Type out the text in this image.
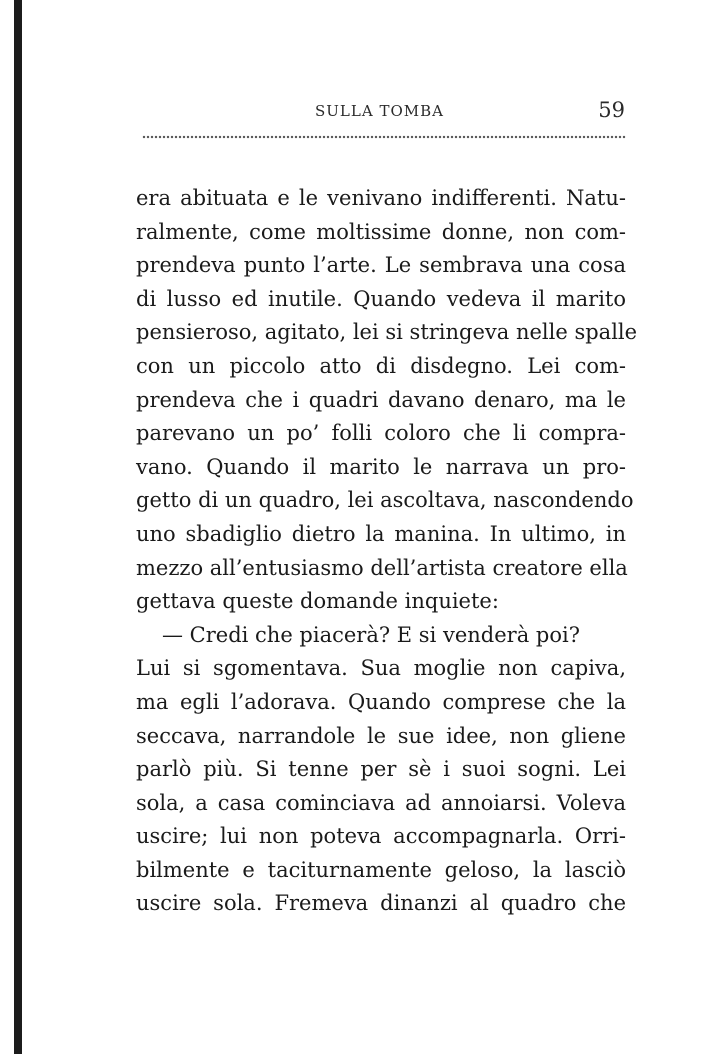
SULLA TOMBA	59
era abituata e le venivano indifferenti. Natu-
ralmente, come moltissime donne, non com-
prendeva punto l’arte. Le sembrava una cosa
di lusso ed inutile. Quando vedeva il marito
pensieroso, agitato, lei si stringeva nelle spalle
con un piccolo atto di disdegno. Lei com-
prendeva che i quadri davano denaro, ma le
parevano un po’ folli coloro che li compra-
vano. Quando il marito le narrava un pro-
getto di un quadro, lei ascoltava, nascondendo
uno sbadiglio dietro la manina. In ultimo, in
mezzo all’entusiasmo dell’artista creatore ella
gettava queste domande inquiete:
— Credi che piacerà? E si venderà poi?
Lui si sgomentava. Sua moglie non capiva,
ma egli l’adorava. Quando comprese che la
seccava, narrandole le sue idee, non gliene
parlò più. Si tenne per sè i suoi sogni. Lei
sola, a casa cominciava ad annoiarsi. Voleva
uscire; lui non poteva accompagnarla. Orri-
bilmente e taciturnamente geloso, la lasciò
uscire sola. Fremeva dinanzi al quadro che
